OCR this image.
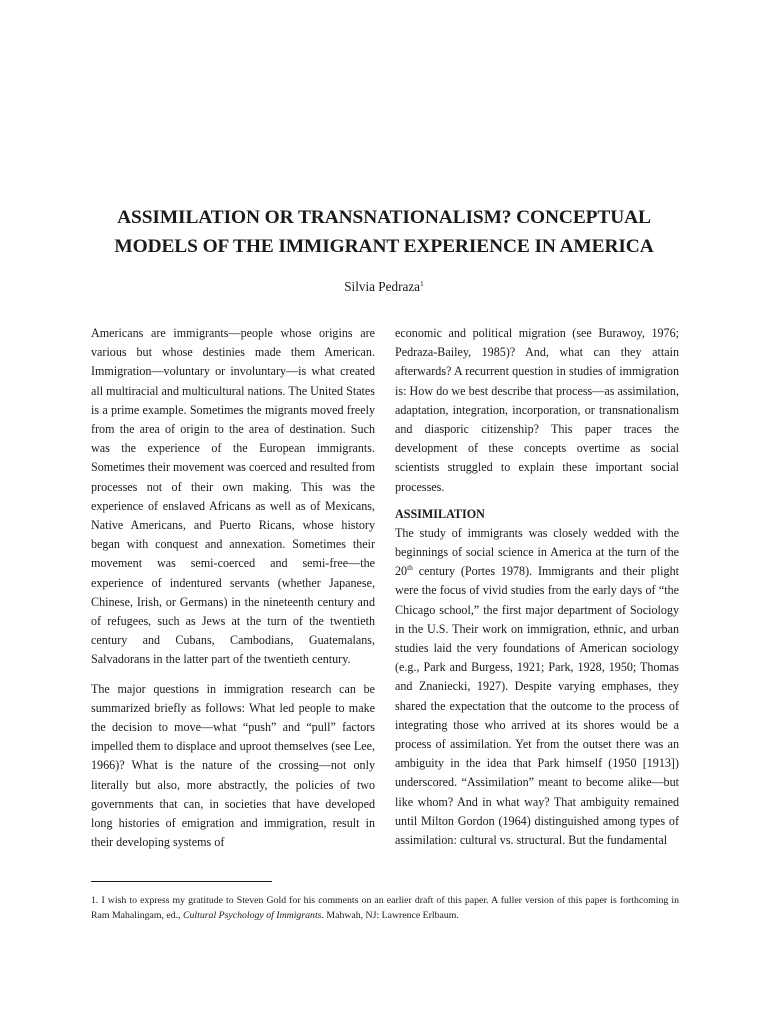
ASSIMILATION OR TRANSNATIONALISM? CONCEPTUAL
MODELS OF THE IMMIGRANT EXPERIENCE IN AMERICA

Silvia Pedraza$^1$

Americans are immigrants—people whose origins are various but whose destinies made them American. Immigration—voluntary or involuntary—is what created all multiracial and multicultural nations. The United States is a prime example. Sometimes the migrants moved freely from the area of origin to the area of destination. Such was the experience of the European immigrants. Sometimes their movement was coerced and resulted from processes not of their own making. This was the experience of enslaved Africans as well as of Mexicans, Native Americans, and Puerto Ricans, whose history began with conquest and annexation. Sometimes their movement was semi-coerced and semi-free—the experience of indentured servants (whether Japanese, Chinese, Irish, or Germans) in the nineteenth century and of refugees, such as Jews at the turn of the twentieth century and Cubans, Cambodians, Guatemalans, Salvadorans in the latter part of the twentieth century.

The major questions in immigration research can be summarized briefly as follows: What led people to make the decision to move—what “push” and “pull” factors impelled them to displace and uproot themselves (see Lee, 1966)? What is the nature of the crossing—not only literally but also, more abstractly, the policies of two governments that can, in societies that have developed long histories of emigration and immigration, result in their developing systems of

economic and political migration (see Burawoy, 1976; Pedraza-Bailey, 1985)? And, what can they attain afterwards? A recurrent question in studies of immigration is: How do we best describe that process—as assimilation, adaptation, integration, incorporation, or transnationalism and diasporic citizenship? This paper traces the development of these concepts overtime as social scientists struggled to explain these important social processes.

ASSIMILATION

The study of immigrants was closely wedded with the beginnings of social science in America at the turn of the 20th century (Portes 1978). Immigrants and their plight were the focus of vivid studies from the early days of “the Chicago school,” the first major department of Sociology in the U.S. Their work on immigration, ethnic, and urban studies laid the very foundations of American sociology (e.g., Park and Burgess, 1921; Park, 1928, 1950; Thomas and Znaniecki, 1927). Despite varying emphases, they shared the expectation that the outcome to the process of integrating those who arrived at its shores would be a process of assimilation. Yet from the outset there was an ambiguity in the idea that Park himself (1950 [1913]) underscored. “Assimilation” meant to become alike—but like whom? And in what way? That ambiguity remained until Milton Gordon (1964) distinguished among types of assimilation: cultural vs. structural. But the fundamental

1. I wish to express my gratitude to Steven Gold for his comments on an earlier draft of this paper. A fuller version of this paper is forthcoming in Ram Mahalingam, ed., Cultural Psychology of Immigrants. Mahwah, NJ: Lawrence Erlbaum.
